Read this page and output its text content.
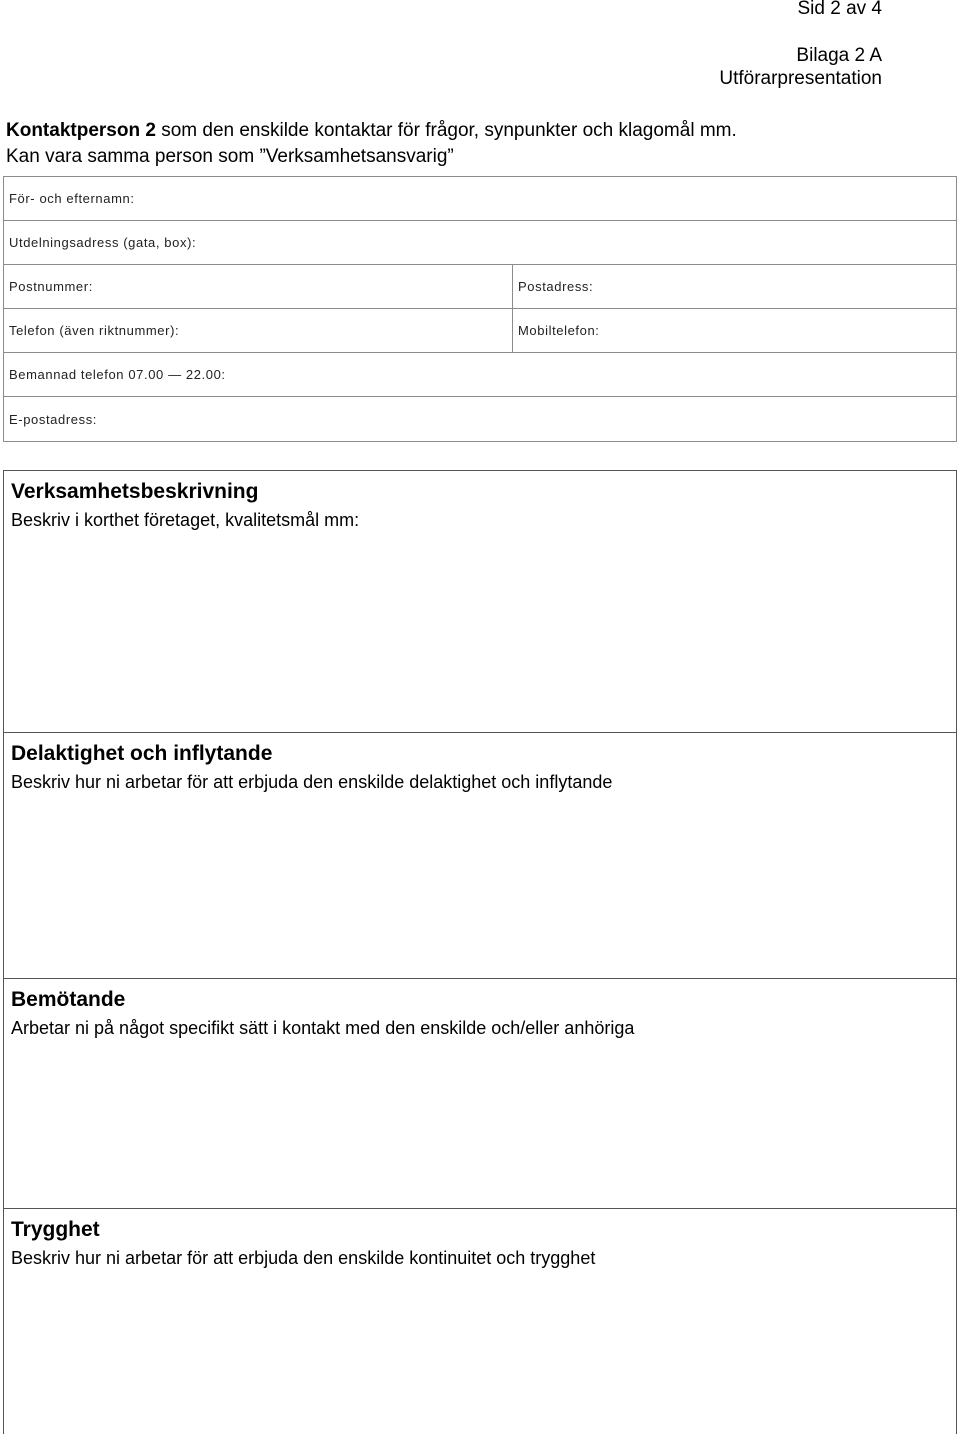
Sid 2 av 4
Bilaga 2 A
Utförarpresentation
Kontaktperson 2 som den enskilde kontaktar för frågor, synpunkter och klagomål mm.
Kan vara samma person som ”Verksamhetsansvarig”
För- och efternamn:
Utdelningsadress (gata, box):
Postnummer:	Postadress:
Telefon (även riktnummer):	Mobiltelefon:
Bemannad telefon 07.00 — 22.00:
E-postadress:

Verksamhetsbeskrivning

Beskriv i korthet företaget, kvalitetsmål mm:

Delaktighet och inflytande

Beskriv hur ni arbetar för att erbjuda den enskilde delaktighet och inflytande

Bemötande

Arbetar ni på något specifikt sätt i kontakt med den enskilde och/eller anhöriga

Trygghet

Beskriv hur ni arbetar för att erbjuda den enskilde kontinuitet och trygghet
